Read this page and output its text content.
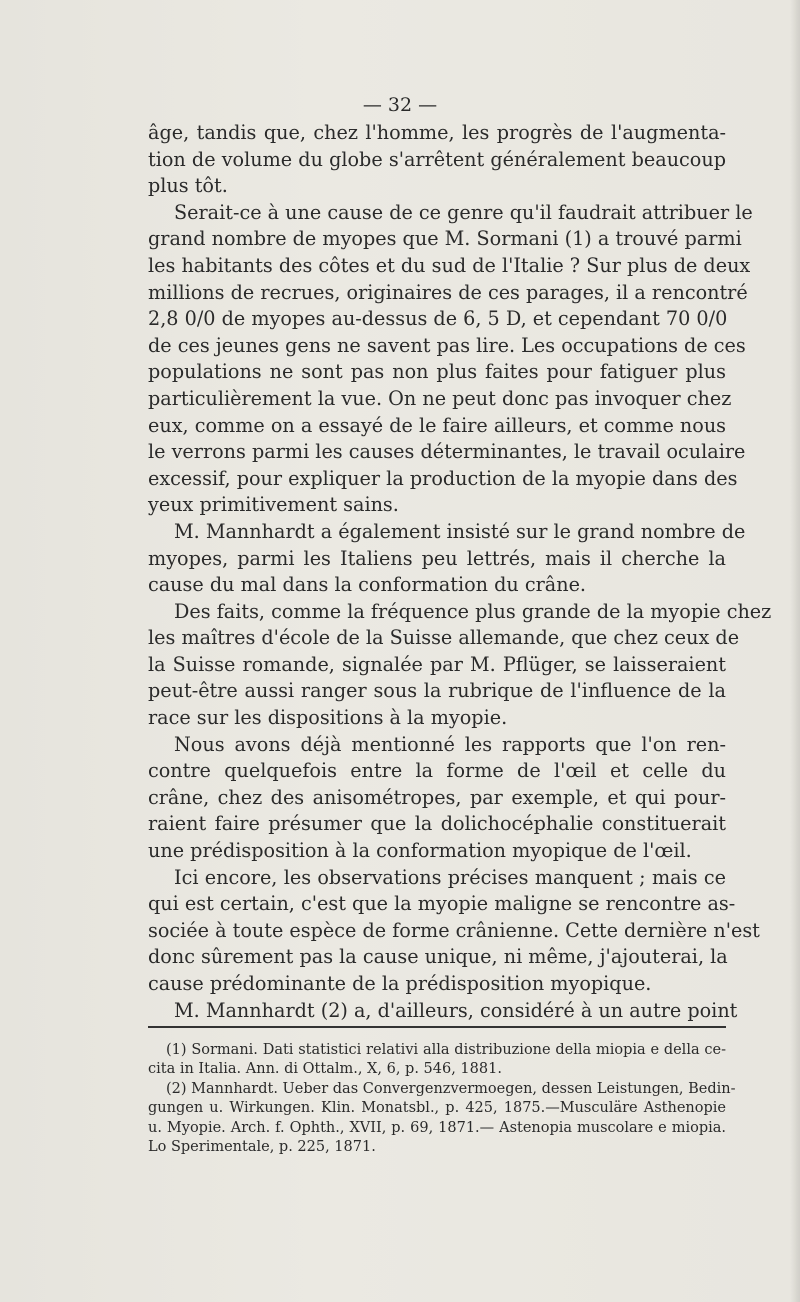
— 32 —
âge, tandis que, chez l'homme, les progrès de l'augmenta-
tion de volume du globe s'arrêtent généralement beaucoup
plus tôt.
Serait-ce à une cause de ce genre qu'il faudrait attribuer le
grand nombre de myopes que M. Sormani (1) a trouvé parmi
les habitants des côtes et du sud de l'Italie ? Sur plus de deux
millions de recrues, originaires de ces parages, il a rencontré
2,8 0/0 de myopes au-dessus de 6, 5 D, et cependant 70 0/0
de ces jeunes gens ne savent pas lire. Les occupations de ces
populations ne sont pas non plus faites pour fatiguer plus
particulièrement la vue. On ne peut donc pas invoquer chez
eux, comme on a essayé de le faire ailleurs, et comme nous
le verrons parmi les causes déterminantes, le travail oculaire
excessif, pour expliquer la production de la myopie dans des
yeux primitivement sains.
M. Mannhardt a également insisté sur le grand nombre de
myopes, parmi les Italiens peu lettrés, mais il cherche la
cause du mal dans la conformation du crâne.
Des faits, comme la fréquence plus grande de la myopie chez
les maîtres d'école de la Suisse allemande, que chez ceux de
la Suisse romande, signalée par M. Pflüger, se laisseraient
peut-être aussi ranger sous la rubrique de l'influence de la
race sur les dispositions à la myopie.
Nous avons déjà mentionné les rapports que l'on ren-
contre quelquefois entre la forme de l'œil et celle du
crâne, chez des anisométropes, par exemple, et qui pour-
raient faire présumer que la dolichocéphalie constituerait
une prédisposition à la conformation myopique de l'œil.
Ici encore, les observations précises manquent ; mais ce
qui est certain, c'est que la myopie maligne se rencontre as-
sociée à toute espèce de forme crânienne. Cette dernière n'est
donc sûrement pas la cause unique, ni même, j'ajouterai, la
cause prédominante de la prédisposition myopique.
M. Mannhardt (2) a, d'ailleurs, considéré à un autre point
(1) Sormani. Dati statistici relativi alla distribuzione della miopia e della ce-
cita in Italia. Ann. di Ottalm., X, 6, p. 546, 1881.
(2) Mannhardt. Ueber das Convergenzvermoegen, dessen Leistungen, Bedin-
gungen u. Wirkungen. Klin. Monatsbl., p. 425, 1875.—Musculäre Asthenopie
u. Myopie. Arch. f. Ophth., XVII, p. 69, 1871.— Astenopia muscolare e miopia.
Lo Sperimentale, p. 225, 1871.
